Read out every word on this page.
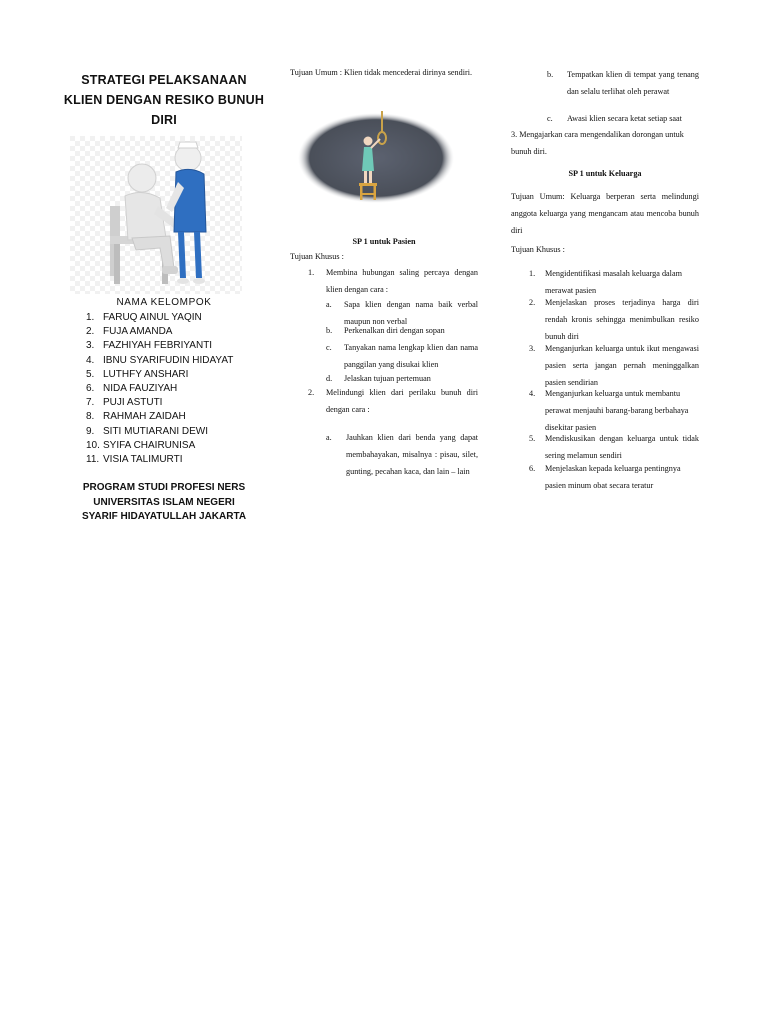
STRATEGI PELAKSANAAN
KLIEN DENGAN RESIKO BUNUH
DIRI
NAMA KELOMPOK
1. FARUQ AINUL YAQIN
2. FUJA AMANDA
3. FAZHIYAH FEBRIYANTI
4. IBNU SYARIFUDIN HIDAYAT
5. LUTHFY ANSHARI
6. NIDA FAUZIYAH
7. PUJI ASTUTI
8. RAHMAH ZAIDAH
9. SITI MUTIARANI DEWI
10. SYIFA CHAIRUNISA
11. VISIA TALIMURTI
PROGRAM STUDI PROFESI NERS
UNIVERSITAS ISLAM NEGERI
SYARIF HIDAYATULLAH JAKARTA
Tujuan Umum : Klien tidak mencederai dirinya sendiri.
SP 1 untuk Pasien
Tujuan Khusus :
1.	Membina hubungan saling percaya dengan klien dengan cara :
a.	Sapa klien dengan nama baik verbal maupun non verbal
b.	Perkenalkan diri dengan sopan
c.	Tanyakan nama lengkap klien dan nama panggilan yang disukai klien
d.	Jelaskan tujuan pertemuan
2.	Melindungi klien dari perilaku bunuh diri dengan cara :
a.	Jauhkan klien dari benda yang dapat membahayakan, misalnya : pisau, silet, gunting, pecahan kaca, dan lain – lain
b.	Tempatkan klien di tempat yang tenang dan selalu terlihat oleh perawat
c.	Awasi klien secara ketat setiap saat
3. Mengajarkan cara mengendalikan dorongan untuk bunuh diri.
SP 1 untuk Keluarga
Tujuan Umum: Keluarga berperan serta melindungi anggota keluarga yang mengancam atau mencoba bunuh diri
Tujuan Khusus :
1.	Mengidentifikasi masalah keluarga dalam merawat pasien
2.	Menjelaskan proses terjadinya harga diri rendah kronis sehingga menimbulkan resiko bunuh diri
3.	Menganjurkan keluarga untuk ikut mengawasi pasien serta jangan pernah meninggalkan pasien sendirian
4.	Menganjurkan keluarga untuk membantu perawat menjauhi barang-barang berbahaya disekitar pasien
5.	Mendiskusikan dengan keluarga untuk tidak sering melamun sendiri
6.	Menjelaskan kepada keluarga pentingnya pasien minum obat secara teratur
